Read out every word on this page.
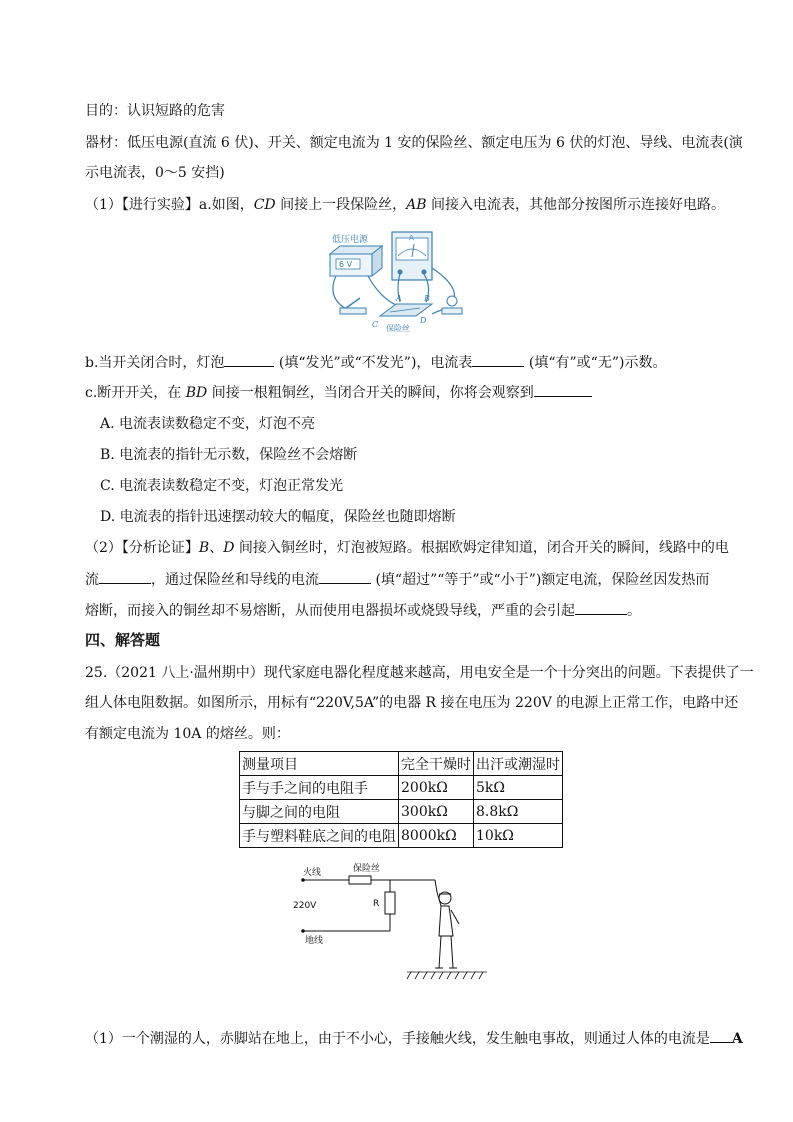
目的：认识短路的危害
器材：低压电源(直流 6 伏)、开关、额定电流为 1 安的保险丝、额定电压为 6 伏的灯泡、导线、电流表(演
示电流表，0～5 安挡)
（1）【进行实验】a.如图，CD 间接上一段保险丝，AB 间接入电流表，其他部分按图所示连接好电路。
低压电源
6 V
A
A	B
C	D
保险丝
b.当开关闭合时，灯泡	(填“发光”或“不发光”)，电流表	(填“有”或“无”)示数。
c.断开开关，在 BD 间接一根粗铜丝，当闭合开关的瞬间，你将会观察到
A. 电流表读数稳定不变，灯泡不亮
B. 电流表的指针无示数，保险丝不会熔断
C. 电流表读数稳定不变，灯泡正常发光
D. 电流表的指针迅速摆动较大的幅度，保险丝也随即熔断
（2）【分析论证】B、D 间接入铜丝时，灯泡被短路。根据欧姆定律知道，闭合开关的瞬间，线路中的电
流	，通过保险丝和导线的电流	(填“超过”“等于”或“小于”)额定电流，保险丝因发热而
熔断，而接入的铜丝却不易熔断，从而使用电器损坏或烧毁导线，严重的会引起	。
四、解答题
25.（2021 八上·温州期中）现代家庭电器化程度越来越高，用电安全是一个十分突出的问题。下表提供了一
组人体电阻数据。如图所示，用标有“220V,5A”的电器 R 接在电压为 220V 的电源上正常工作，电路中还
有额定电流为 10A 的熔丝。则：
测量项目	完全干燥时	出汗或潮湿时
手与手之间的电阻手	200kΩ	5kΩ
与脚之间的电阻	300kΩ	8.8kΩ
手与塑料鞋底之间的电阻	8000kΩ	10kΩ
火线	保险丝
220V	R
地线
（1）一个潮湿的人，赤脚站在地上，由于不小心，手接触火线，发生触电事故，则通过人体的电流是 A
